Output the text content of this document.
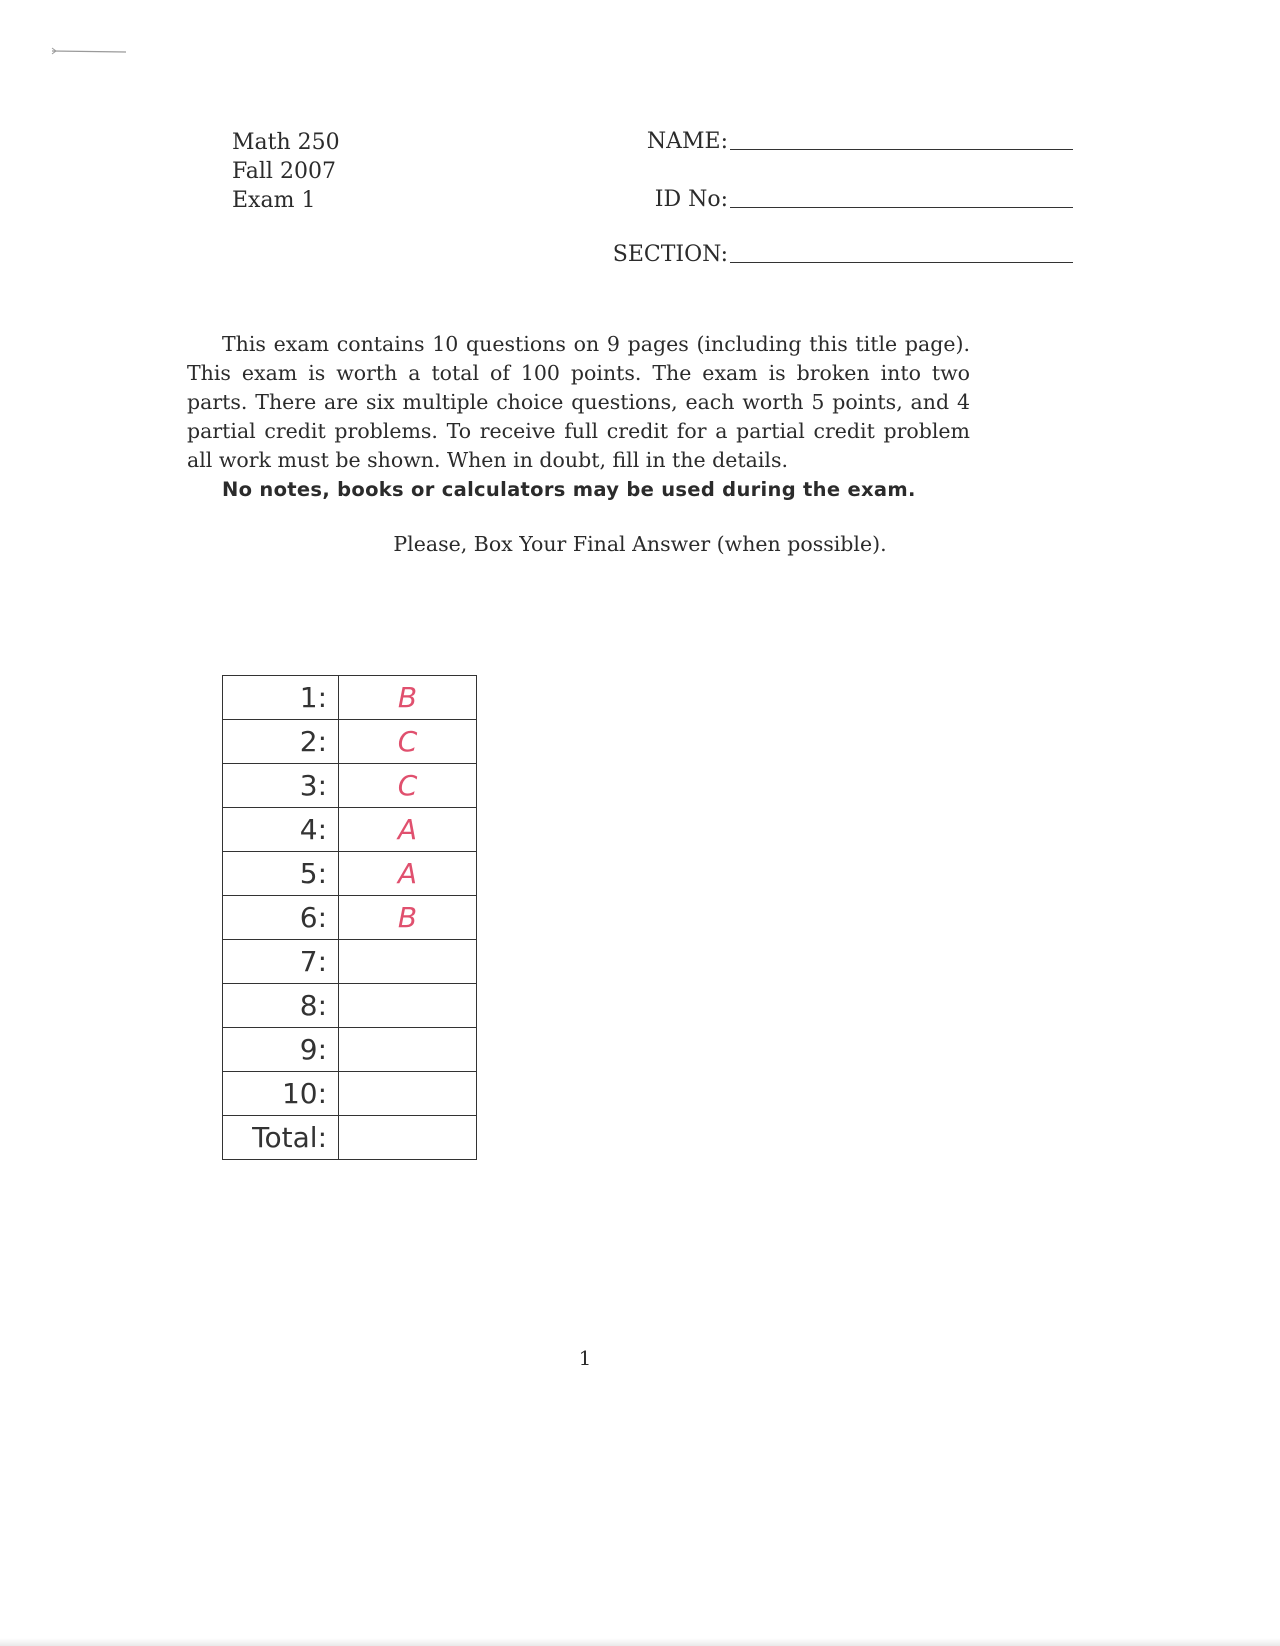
Math 250
Fall 2007
Exam 1
NAME:
ID No:
SECTION:

This exam contains 10 questions on 9 pages (including this title page). This exam is worth a total of 100 points. The exam is broken into two parts. There are six multiple choice questions, each worth 5 points, and 4 partial credit problems. To receive full credit for a partial credit problem all work must be shown. When in doubt, fill in the details.

No notes, books or calculators may be used during the exam.

Please, Box Your Final Answer (when possible).
1:	B
2:	C
3:	C
4:	A
5:	A
6:	B
7:	
8:	
9:	
10:	
Total:	
1
